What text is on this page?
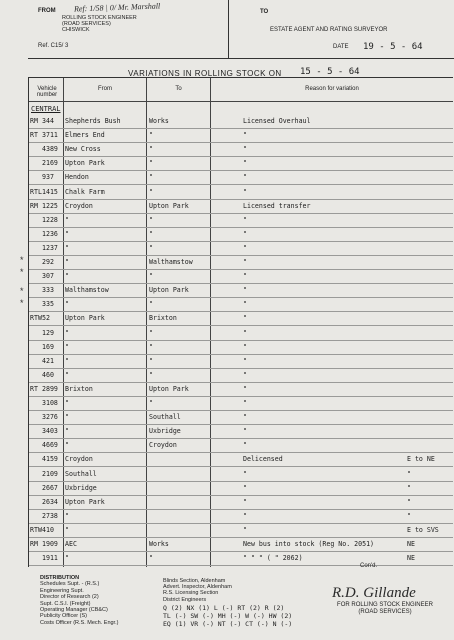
FROM Ref: 1/58 | 0/ Mr. Marshall
ROLLING STOCK ENGINEER
(ROAD SERVICES)
CHISWICK
Ref. C15/ 3
TO
ESTATE AGENT AND RATING SURVEYOR
DATE 19 - 5 - 64
VARIATIONS IN ROLLING STOCK ON 15 - 5 - 64
Vehicle
number
From	To	Reason for variation
CENTRAL
RM 344 Shepherds Bush	Works	Licensed Overhaul
RT 3711 Elmers End	"	"
4389 New Cross	"	"
2169 Upton Park	"	"
937 Hendon	"	"
RTL 1415 Chalk Farm	"	"
RM 1225 Croydon	Upton Park	Licensed transfer
1228 "	"	"
1236 "	"	"
1237 "	"	"
292 "	Walthamstow	"
307 "	"	"
333 Walthamstow	Upton Park	"
335 "	"	"
RTW 52 Upton Park	Brixton	"
129 "	"	"
169 "	"	"
421 "	"	"
460 "	"	"
RT 2899 Brixton	Upton Park	"
3108 "	"	"
3276 "	Southall	"
3403 "	Uxbridge	"
4669 "	Croydon	"
4159 Croydon	Delicensed	E to NE
2109 Southall	"	"
2667 Uxbridge	"	"
2634 Upton Park	"	"
2738 "	"	"
RTW 410 "	"	E to SVS
RM 1909 AEC	Works	New bus into stock (Reg No. 2051)	NE
1911 "	"	" " " ( " 2062)	NE
*
*
*
*
Con'd.
DISTRIBUTION
Schedules Supt. - (R.S.)
Engineering Supt.
Director of Research (2)
Supt. C.S.I. (Freight)
Operating Manager (CB&C)
Publicity Officer (S)
Costs Officer (R.S. Mech. Engr.)
Blinds Section, Aldenham
Advert. Inspector, Aldenham
R.S. Licensing Section
District Engineers
Q (2) NX (1) L (-) RT (2) R (2)
TL (-) SW (-) MH (-) W (-) HW (2)
EQ (1) VR (-) NT (-) CT (-) N (-)
R.D. Gillande
FOR ROLLING STOCK ENGINEER
(ROAD SERVICES)
